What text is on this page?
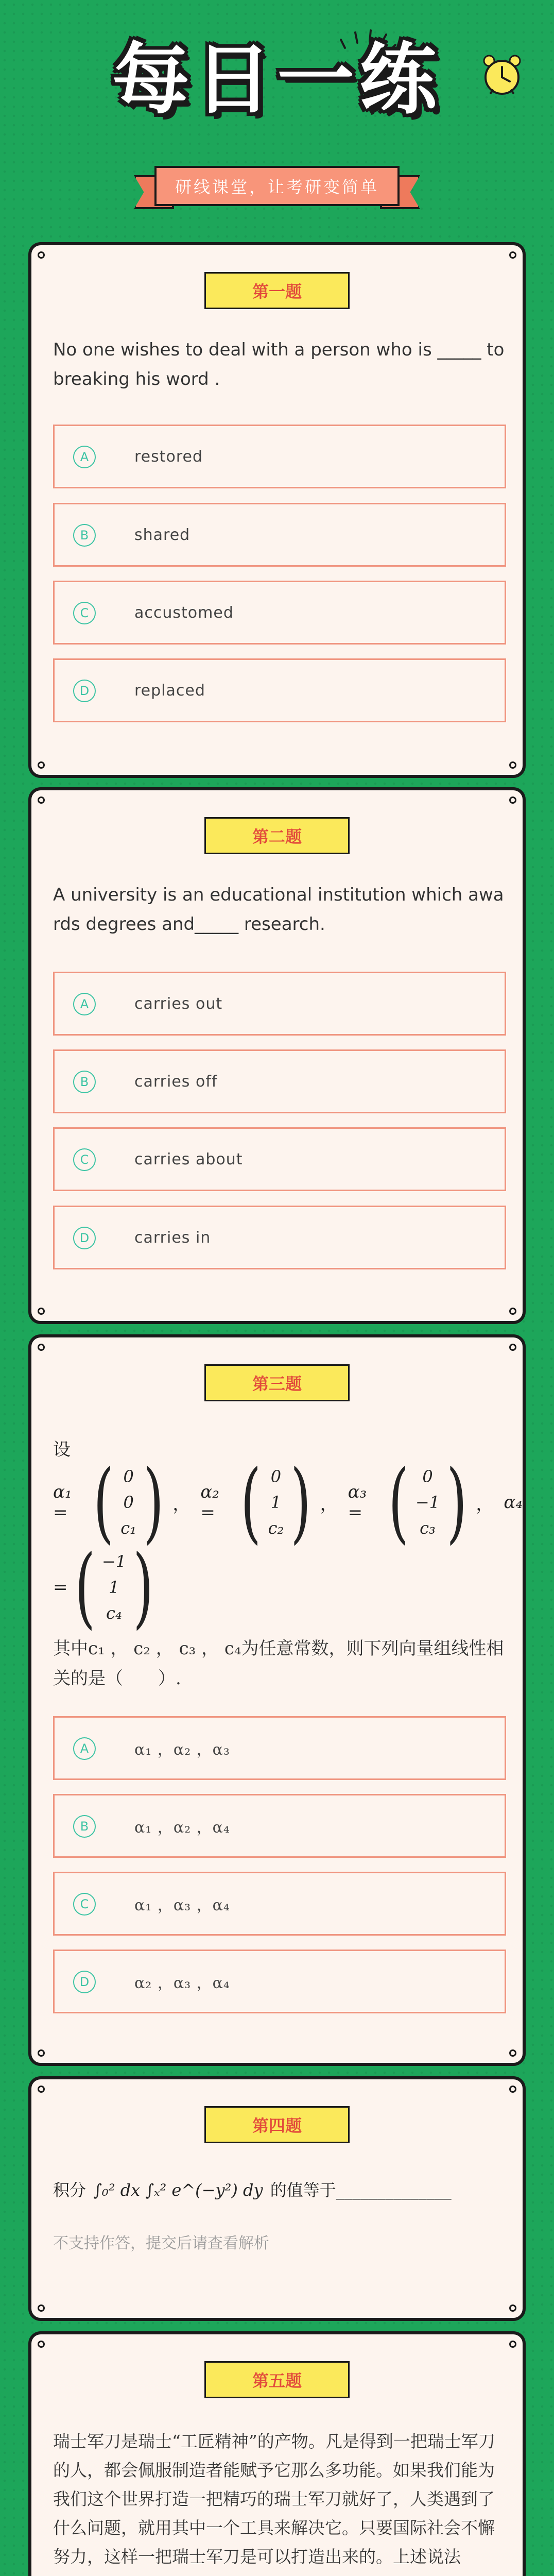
每日一练
研线课堂，让考研变简单
第一题
No one wishes to deal with a person who is _____ to breaking his word .
A	restored
B	shared
C	accustomed
D	replaced
第二题
A university is an educational institution which awards degrees and_____ research.
A	carries out
B	carries off
C	carries about
D	carries in
第三题
设
α₁ = ( 0
0
c₁ ) ，
α₂ = ( 0
1
c₂ ) ，
α₃ = ( 0
−1
c₃ ) ， α₄
= ( −1
1
c₄ )
其中c₁ ， c₂ ， c₃ ， c₄为任意常数，则下列向量组线性相关的是（　　）.
A	α₁ ，α₂ ，α₃
B	α₁ ，α₂ ，α₄
C	α₁ ，α₃ ，α₄
D	α₂ ，α₃ ，α₄
第四题
积分 ∫₀² dx ∫ₓ² e^(−y²) dy 的值等于______________
不支持作答，提交后请查看解析
第五题
瑞士军刀是瑞士“工匠精神”的产物。凡是得到一把瑞士军刀的人，都会佩服制造者能赋予它那么多功能。如果我们能为我们这个世界打造一把精巧的瑞士军刀就好了，人类遇到了什么问题，就用其中一个工具来解决它。只要国际社会不懈努力，这样一把瑞士军刀是可以打造出来的。上述说法
